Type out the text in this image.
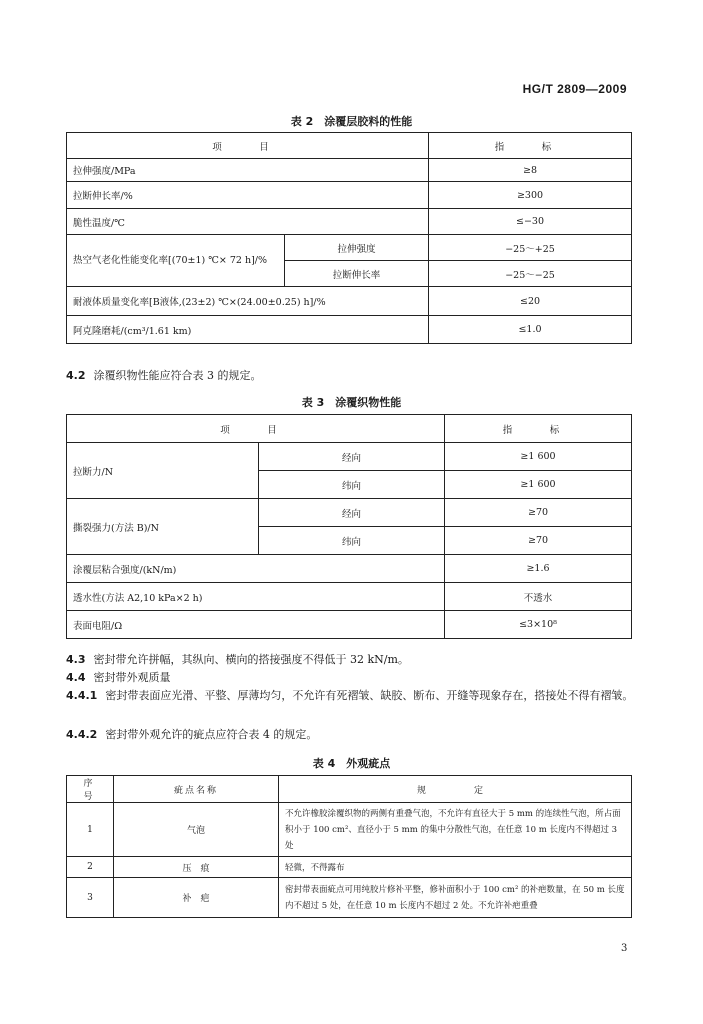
HG/T 2809—2009
表 2　涂覆层胶料的性能
项　目		指　标
拉伸强度/MPa		≥8
拉断伸长率/%		≥300
脆性温度/℃		≤−30
热空气老化性能变化率[(70±1) ℃× 72 h]/%	拉伸强度	−25～+25
	拉断伸长率	−25～−25
耐液体质量变化率[B液体,(23±2) ℃×(24.00±0.25) h]/%		≤20
阿克隆磨耗/(cm³/1.61 km)		≤1.0
4.2 涂覆织物性能应符合表 3 的规定。
表 3　涂覆织物性能
项　目		指　标
拉断力/N	经向	≥1 600
	纬向	≥1 600
撕裂强力(方法 B)/N	经向	≥70
	纬向	≥70
涂覆层粘合强度/(kN/m)		≥1.6
透水性(方法 A2,10 kPa×2 h)		不透水
表面电阻/Ω		≤3×10⁸
4.3 密封带允许拼幅，其纵向、横向的搭接强度不得低于 32 kN/m。
4.4 密封带外观质量
4.4.1 密封带表面应光滑、平整、厚薄均匀，不允许有死褶皱、缺胶、断布、开缝等现象存在，搭接处不得有褶皱。
4.4.2 密封带外观允许的疵点应符合表 4 的规定。
表 4　外观疵点
序　号	疵点名称	规　　定
1	气泡	不允许橡胶涂覆织物的两侧有重叠气泡，不允许有直径大于 5 mm 的连续性气泡，所占面积小于 100 cm²、直径小于 5 mm 的集中分散性气泡，在任意 10 m 长度内不得超过 3 处
2	压　痕	轻微，不得露布
3	补　疤	密封带表面疵点可用纯胶片修补平整，修补面积小于 100 cm² 的补疤数量，在 50 m 长度内不超过 5 处，在任意 10 m 长度内不超过 2 处。不允许补疤重叠
3
